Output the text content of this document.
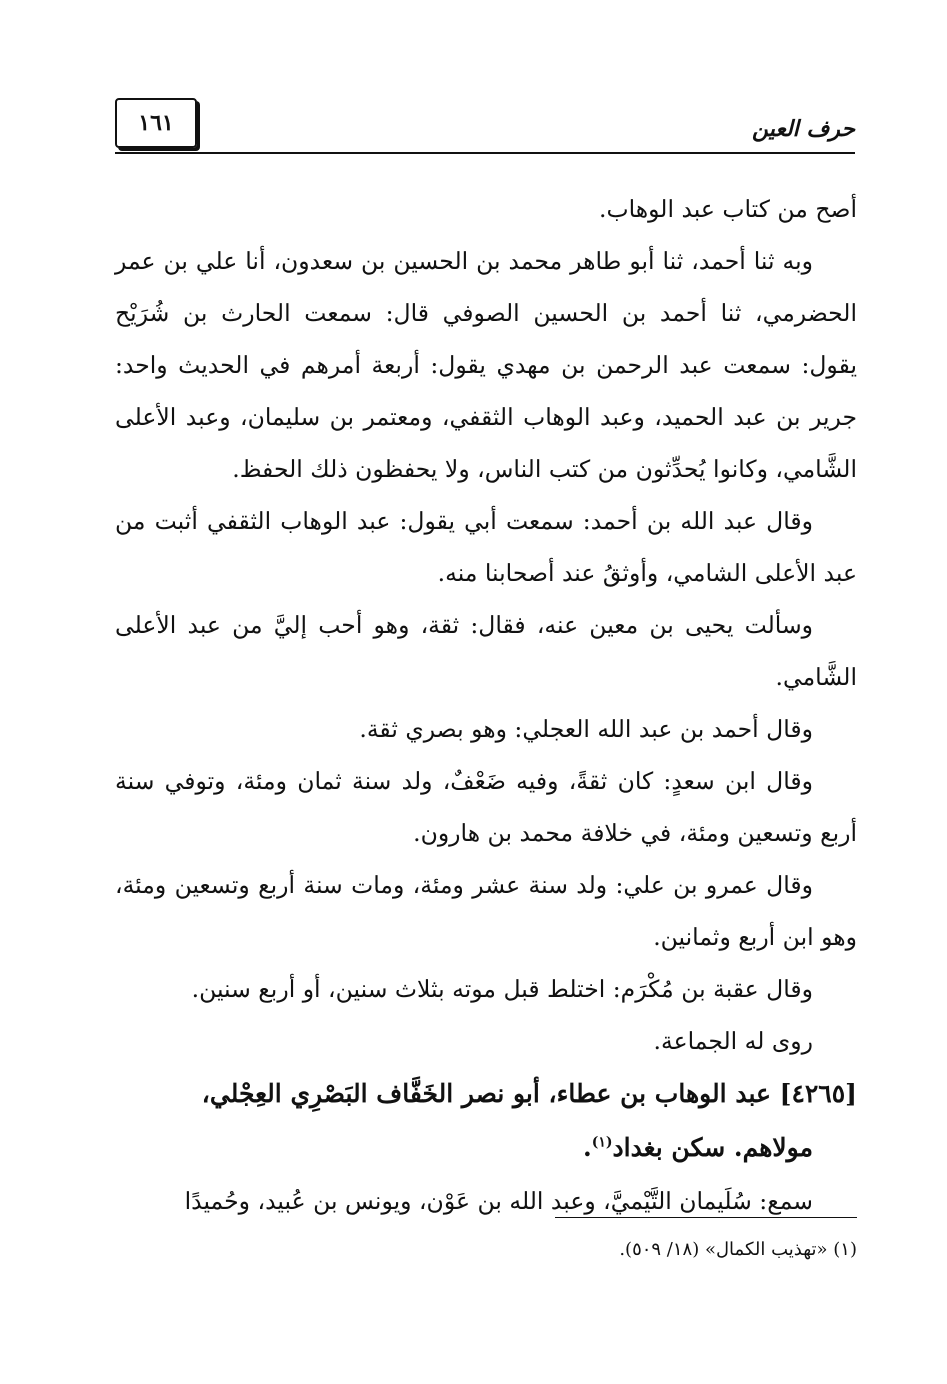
١٦١	حرف العين

أصح من كتاب عبد الوهاب.

وبه ثنا أحمد، ثنا أبو طاهر محمد بن الحسين بن سعدون، أنا علي بن عمر الحضرمي، ثنا أحمد بن الحسين الصوفي قال: سمعت الحارث بن شُرَيْح يقول: سمعت عبد الرحمن بن مهدي يقول: أربعة أمرهم في الحديث واحد: جرير بن عبد الحميد، وعبد الوهاب الثقفي، ومعتمر بن سليمان، وعبد الأعلى الشَّامي، وكانوا يُحدِّثون من كتب الناس، ولا يحفظون ذلك الحفظ.

وقال عبد الله بن أحمد: سمعت أبي يقول: عبد الوهاب الثقفي أثبت من عبد الأعلى الشامي، وأوثقُ عند أصحابنا منه.

وسألت يحيى بن معين عنه، فقال: ثقة، وهو أحب إليَّ من عبد الأعلى الشَّامي.

وقال أحمد بن عبد الله العجلي: وهو بصري ثقة.

وقال ابن سعدٍ: كان ثقةً، وفيه ضَعْفٌ، ولد سنة ثمان ومئة، وتوفي سنة أربع وتسعين ومئة، في خلافة محمد بن هارون.

وقال عمرو بن علي: ولد سنة عشر ومئة، ومات سنة أربع وتسعين ومئة، وهو ابن أربع وثمانين.

وقال عقبة بن مُكْرَم: اختلط قبل موته بثلاث سنين، أو أربع سنين.

روى له الجماعة.

[٤٢٦٥] عبد الوهاب بن عطاء، أبو نصر الخَفَّاف البَصْرِي العِجْلي،
مولاهم. سكن بغداد$^{(١)}$.

سمع: سُلَيمان التَّيْميَّ، وعبد الله بن عَوْن، ويونس بن عُبيد، وحُميدًا

(١) «تهذيب الكمال» (١٨/ ٥٠٩).
